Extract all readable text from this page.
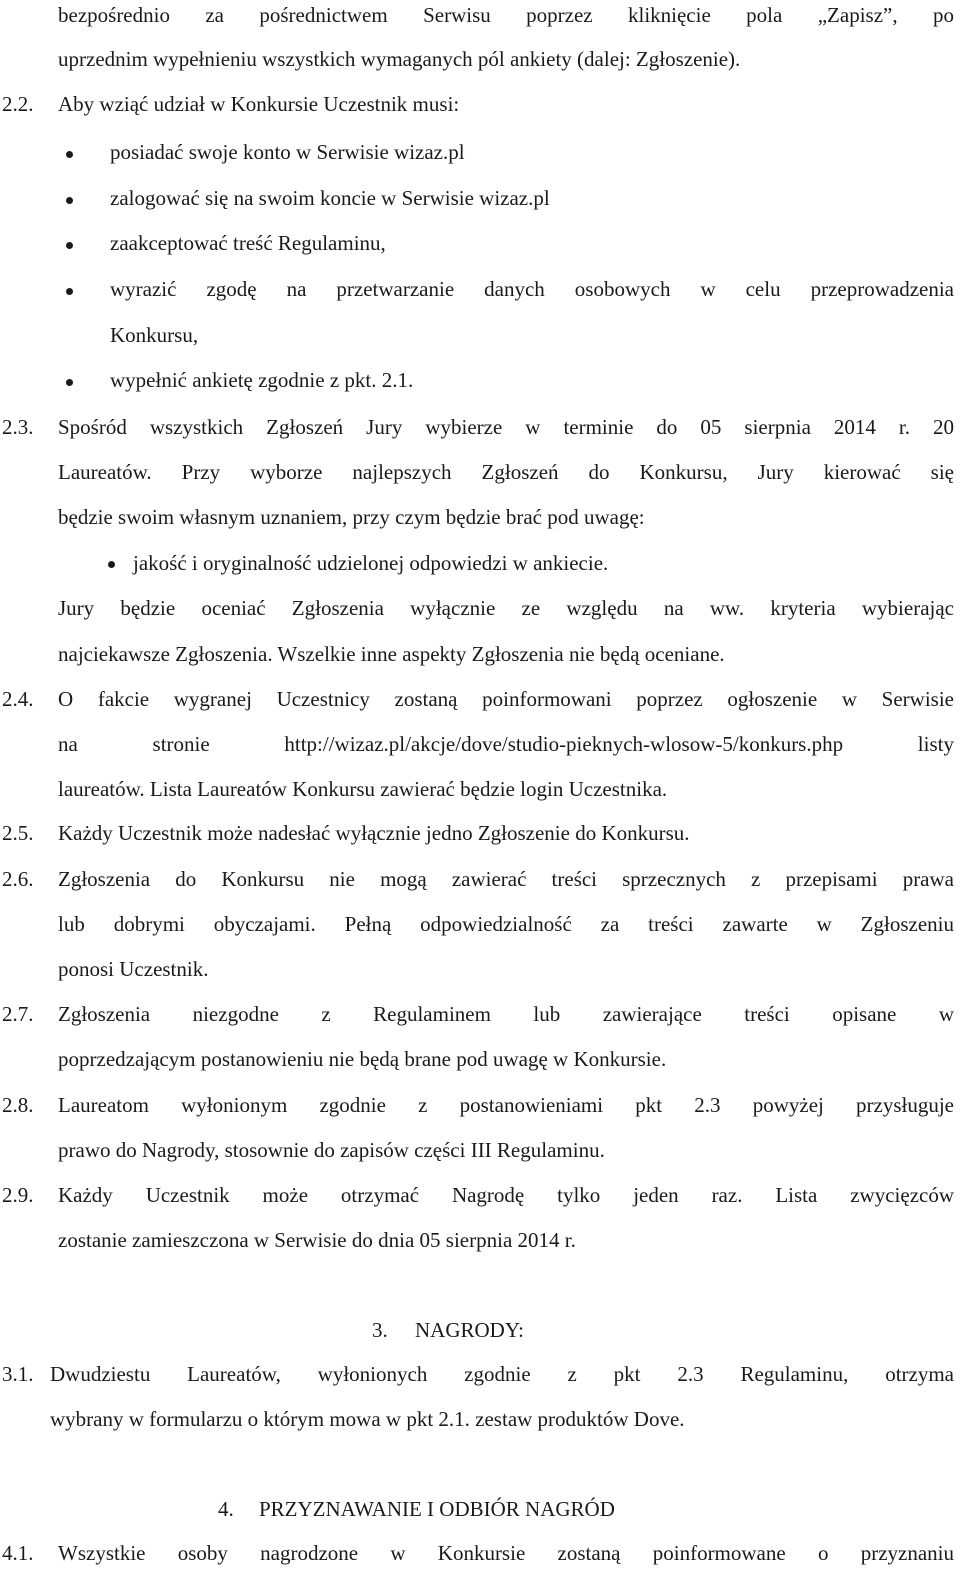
bezpośrednio za pośrednictwem Serwisu poprzez kliknięcie pola „Zapisz”, po
uprzednim wypełnieniu wszystkich wymaganych pól ankiety (dalej: Zgłoszenie).
2.2. Aby wziąć udział w Konkursie Uczestnik musi:
posiadać swoje konto w Serwisie wizaz.pl
zalogować się na swoim koncie w Serwisie wizaz.pl
zaakceptować treść Regulaminu,
wyrazić zgodę na przetwarzanie danych osobowych w celu przeprowadzenia
Konkursu,
wypełnić ankietę zgodnie z pkt. 2.1.
2.3. Spośród wszystkich Zgłoszeń Jury wybierze w terminie do 05 sierpnia 2014 r. 20
Laureatów. Przy wyborze najlepszych Zgłoszeń do Konkursu, Jury kierować się
będzie swoim własnym uznaniem, przy czym będzie brać pod uwagę:
jakość i oryginalność udzielonej odpowiedzi w ankiecie.
Jury będzie oceniać Zgłoszenia wyłącznie ze względu na ww. kryteria wybierając
najciekawsze Zgłoszenia. Wszelkie inne aspekty Zgłoszenia nie będą oceniane.
2.4. O fakcie wygranej Uczestnicy zostaną poinformowani poprzez ogłoszenie w Serwisie
na stronie http://wizaz.pl/akcje/dove/studio-pieknych-wlosow-5/konkurs.php listy
laureatów. Lista Laureatów Konkursu zawierać będzie login Uczestnika.
2.5. Każdy Uczestnik może nadesłać wyłącznie jedno Zgłoszenie do Konkursu.
2.6. Zgłoszenia do Konkursu nie mogą zawierać treści sprzecznych z przepisami prawa
lub dobrymi obyczajami. Pełną odpowiedzialność za treści zawarte w Zgłoszeniu
ponosi Uczestnik.
2.7. Zgłoszenia niezgodne z Regulaminem lub zawierające treści opisane w
poprzedzającym postanowieniu nie będą brane pod uwagę w Konkursie.
2.8. Laureatom wyłonionym zgodnie z postanowieniami pkt 2.3 powyżej przysługuje
prawo do Nagrody, stosownie do zapisów części III Regulaminu.
2.9. Każdy Uczestnik może otrzymać Nagrodę tylko jeden raz. Lista zwycięzców
zostanie zamieszczona w Serwisie do dnia 05 sierpnia 2014 r.
3. NAGRODY:
3.1. Dwudziestu Laureatów, wyłonionych zgodnie z pkt 2.3 Regulaminu, otrzyma
wybrany w formularzu o którym mowa w pkt 2.1. zestaw produktów Dove.
4. PRZYZNAWANIE I ODBIÓR NAGRÓD
4.1. Wszystkie osoby nagrodzone w Konkursie zostaną poinformowane o przyznaniu
